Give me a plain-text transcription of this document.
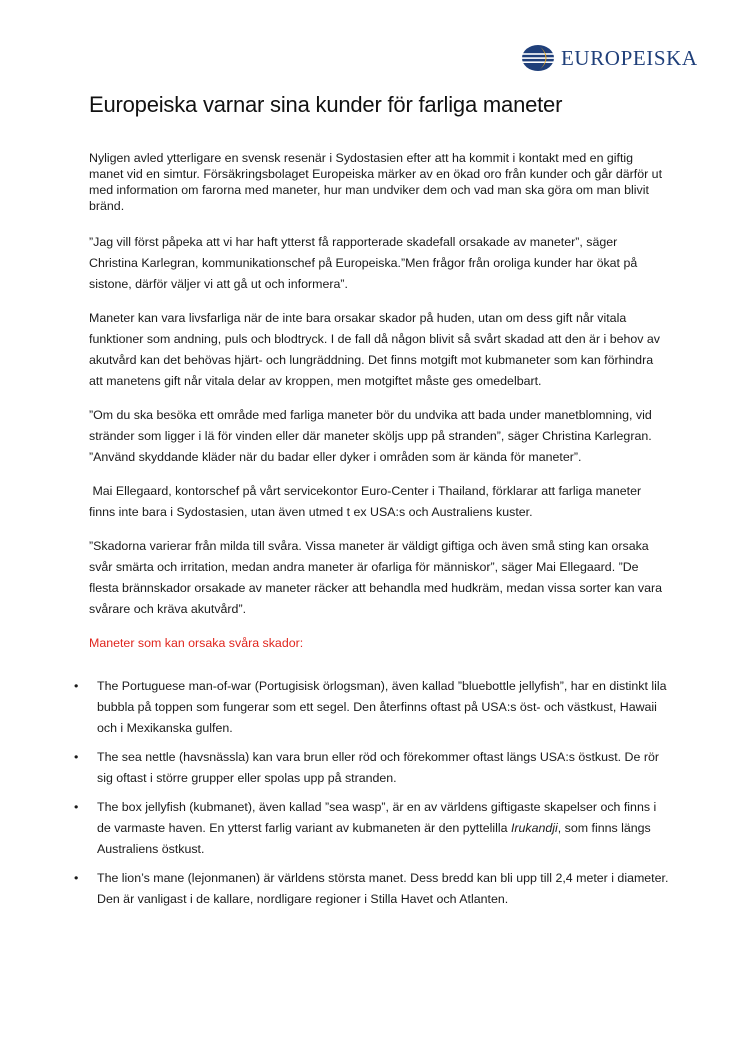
EUROPEISKA
Europeiska varnar sina kunder för farliga maneter

Nyligen avled ytterligare en svensk resenär i Sydostasien efter att ha kommit i kontakt med en giftig manet vid en simtur. Försäkringsbolaget Europeiska märker av en ökad oro från kunder och går därför ut med information om farorna med maneter, hur man undviker dem och vad man ska göra om man blivit bränd.

”Jag vill först påpeka att vi har haft ytterst få rapporterade skadefall orsakade av maneter”, säger Christina Karlegran, kommunikationschef på Europeiska.”Men frågor från oroliga kunder har ökat på sistone, därför väljer vi att gå ut och informera”.

Maneter kan vara livsfarliga när de inte bara orsakar skador på huden, utan om dess gift når vitala funktioner som andning, puls och blodtryck. I de fall då någon blivit så svårt skadad att den är i behov av akutvård kan det behövas hjärt- och lungräddning. Det finns motgift mot kubmaneter som kan förhindra att manetens gift når vitala delar av kroppen, men motgiftet måste ges omedelbart.

”Om du ska besöka ett område med farliga maneter bör du undvika att bada under manetblomning, vid stränder som ligger i lä för vinden eller där maneter sköljs upp på stranden”, säger Christina Karlegran. ”Använd skyddande kläder när du badar eller dyker i områden som är kända för maneter”.

Mai Ellegaard, kontorschef på vårt servicekontor Euro-Center i Thailand, förklarar att farliga maneter finns inte bara i Sydostasien, utan även utmed t ex USA:s och Australiens kuster.

”Skadorna varierar från milda till svåra. Vissa maneter är väldigt giftiga och även små sting kan orsaka svår smärta och irritation, medan andra maneter är ofarliga för människor”, säger Mai Ellegaard. ”De flesta brännskador orsakade av maneter räcker att behandla med hudkräm, medan vissa sorter kan vara svårare och kräva akutvård”.

Maneter som kan orsaka svåra skador:

• The Portuguese man-of-war (Portugisisk örlogsman), även kallad ”bluebottle jellyfish”, har en distinkt lila bubbla på toppen som fungerar som ett segel. Den återfinns oftast på USA:s öst- och västkust, Hawaii och i Mexikanska gulfen.
• The sea nettle (havsnässla) kan vara brun eller röd och förekommer oftast längs USA:s östkust. De rör sig oftast i större grupper eller spolas upp på stranden.
• The box jellyfish (kubmanet), även kallad ”sea wasp”, är en av världens giftigaste skapelser och finns i de varmaste haven. En ytterst farlig variant av kubmaneten är den pyttelilla Irukandji, som finns längs Australiens östkust.
• The lion’s mane (lejonmanen) är världens största manet. Dess bredd kan bli upp till 2,4 meter i diameter. Den är vanligast i de kallare, nordligare regioner i Stilla Havet och Atlanten.
